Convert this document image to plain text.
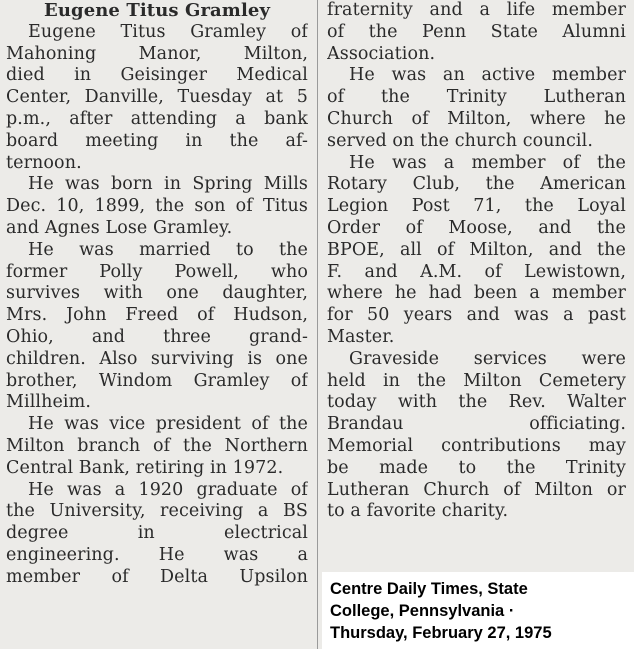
Eugene Titus Gramley
Eugene Titus Gramley of
Mahoning Manor, Milton,
died in Geisinger Medical
Center, Danville, Tuesday at 5
p.m., after attending a bank
board meeting in the af-
ternoon.
He was born in Spring Mills
Dec. 10, 1899, the son of Titus
and Agnes Lose Gramley.
He was married to the
former Polly Powell, who
survives with one daughter,
Mrs. John Freed of Hudson,
Ohio, and three grand-
children. Also surviving is one
brother, Windom Gramley of
Millheim.
He was vice president of the
Milton branch of the Northern
Central Bank, retiring in 1972.
He was a 1920 graduate of
the University, receiving a BS
degree in electrical
engineering. He was a
member of Delta Upsilon
fraternity and a life member
of the Penn State Alumni
Association.
He was an active member
of the Trinity Lutheran
Church of Milton, where he
served on the church council.
He was a member of the
Rotary Club, the American
Legion Post 71, the Loyal
Order of Moose, and the
BPOE, all of Milton, and the
F. and A.M. of Lewistown,
where he had been a member
for 50 years and was a past
Master.
Graveside services were
held in the Milton Cemetery
today with the Rev. Walter
Brandau officiating.
Memorial contributions may
be made to the Trinity
Lutheran Church of Milton or
to a favorite charity.
Centre Daily Times, State
College, Pennsylvania ·
Thursday, February 27, 1975
